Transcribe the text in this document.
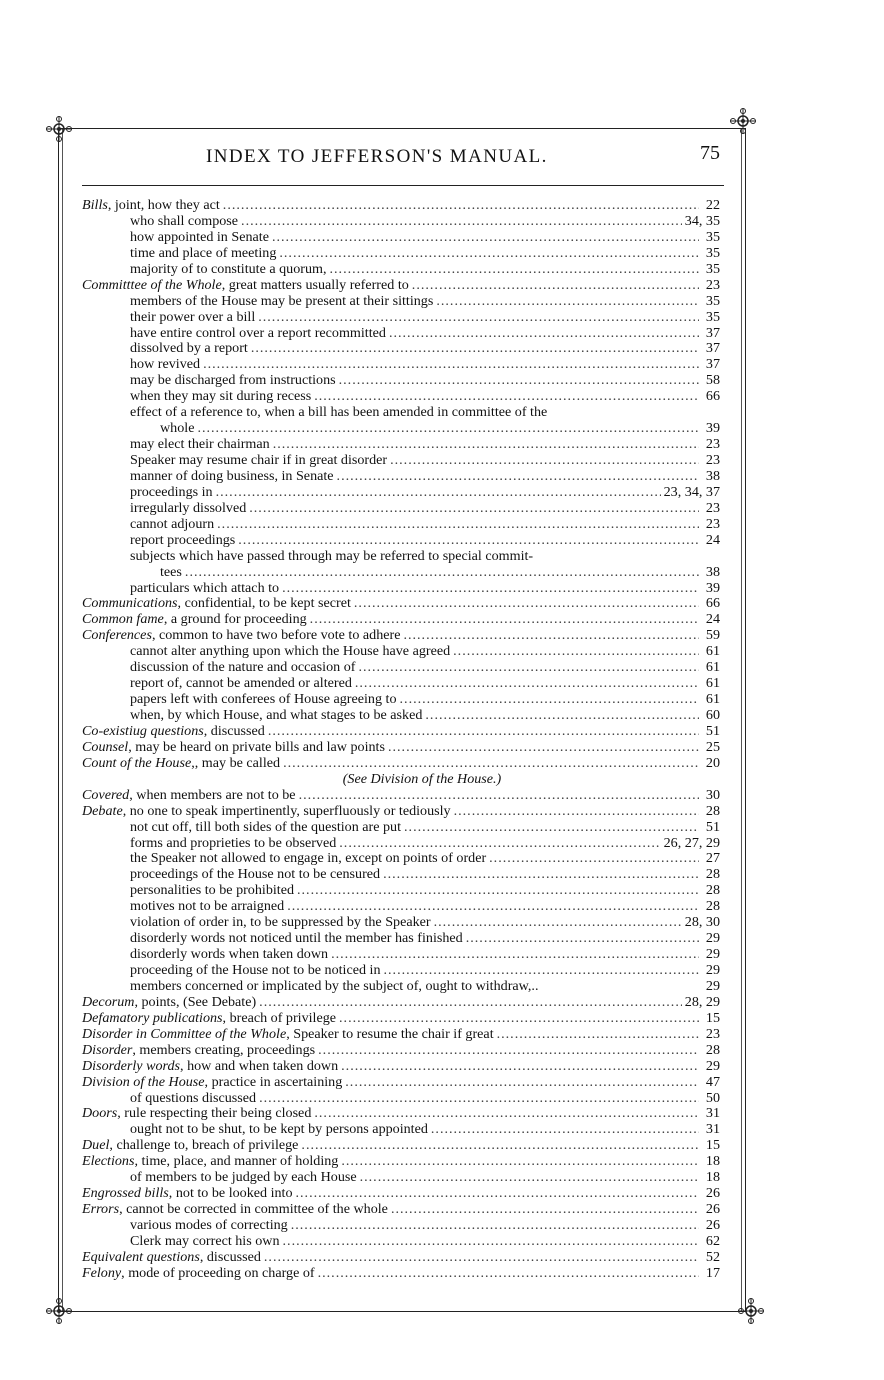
INDEX TO JEFFERSON'S MANUAL.	75
Bills , joint, how they act .....	22
who shall compose .....	34, 35
how appointed in Senate .....	35
time and place of meeting .....	35
majority of to constitute a quorum, .....	35
Committtee of the Whole , great matters usually referred to .....	23
members of the House may be present at their sittings .....	35
their power over a bill .....	35
have entire control over a report recommitted .....	37
dissolved by a report .....	37
how revived .....	37
may be discharged from instructions .....	58
when they may sit during recess .....	66
effect of a reference to, when a bill has been amended in committee of the
whole .....	39
may elect their chairman .....	23
Speaker may resume chair if in great disorder .....	23
manner of doing business, in Senate .....	38
proceedings in .....	23, 34, 37
irregularly dissolved .....	23
cannot adjourn .....	23
report proceedings .....	24
subjects which have passed through may be referred to special commit-
tees .....	38
particulars which attach to .....	39
Communications , confidential, to be kept secret .....	66
Common fame , a ground for proceeding .....	24
Conferences , common to have two before vote to adhere .....	59
cannot alter anything upon which the House have agreed .....	61
discussion of the nature and occasion of .....	61
report of, cannot be amended or altered .....	61
papers left with conferees of House agreeing to .....	61
when, by which House, and what stages to be asked .....	60
Co-existiug questions , discussed .....	51
Counsel , may be heard on private bills and law points .....	25
Count of the House ,, may be called .....	20
(See Division of the House.)
Covered , when members are not to be .....	30
Debate , no one to speak impertinently, superfluously or tediously .....	28
not cut off, till both sides of the question are put .....	51
forms and proprieties to be observed .....	26, 27, 29
the Speaker not allowed to engage in, except on points of order .....	27
proceedings of the House not to be censured .....	28
personalities to be prohibited .....	28
motives not to be arraigned .....	28
violation of order in, to be suppressed by the Speaker .....	28, 30
disorderly words not noticed until the member has finished .....	29
disorderly words when taken down .....	29
proceeding of the House not to be noticed in .....	29
members concerned or implicated by the subject of, ought to withdraw,..	29
Decorum , points, (See Debate) .....	28, 29
Defamatory publications , breach of privilege .....	15
Disorder in Committee of the Whole , Speaker to resume the chair if great .....	23
Disorder , members creating, proceedings .....	28
Disorderly words , how and when taken down .....	29
Division of the House , practice in ascertaining .....	47
of questions discussed .....	50
Doors , rule respecting their being closed .....	31
ought not to be shut, to be kept by persons appointed .....	31
Duel , challenge to, breach of privilege .....	15
Elections , time, place, and manner of holding .....	18
of members to be judged by each House .....	18
Engrossed bills , not to be looked into .....	26
Errors , cannot be corrected in committee of the whole .....	26
various modes of correcting .....	26
Clerk may correct his own .....	62
Equivalent questions , discussed .....	52
Felony , mode of proceeding on charge of .....	17
